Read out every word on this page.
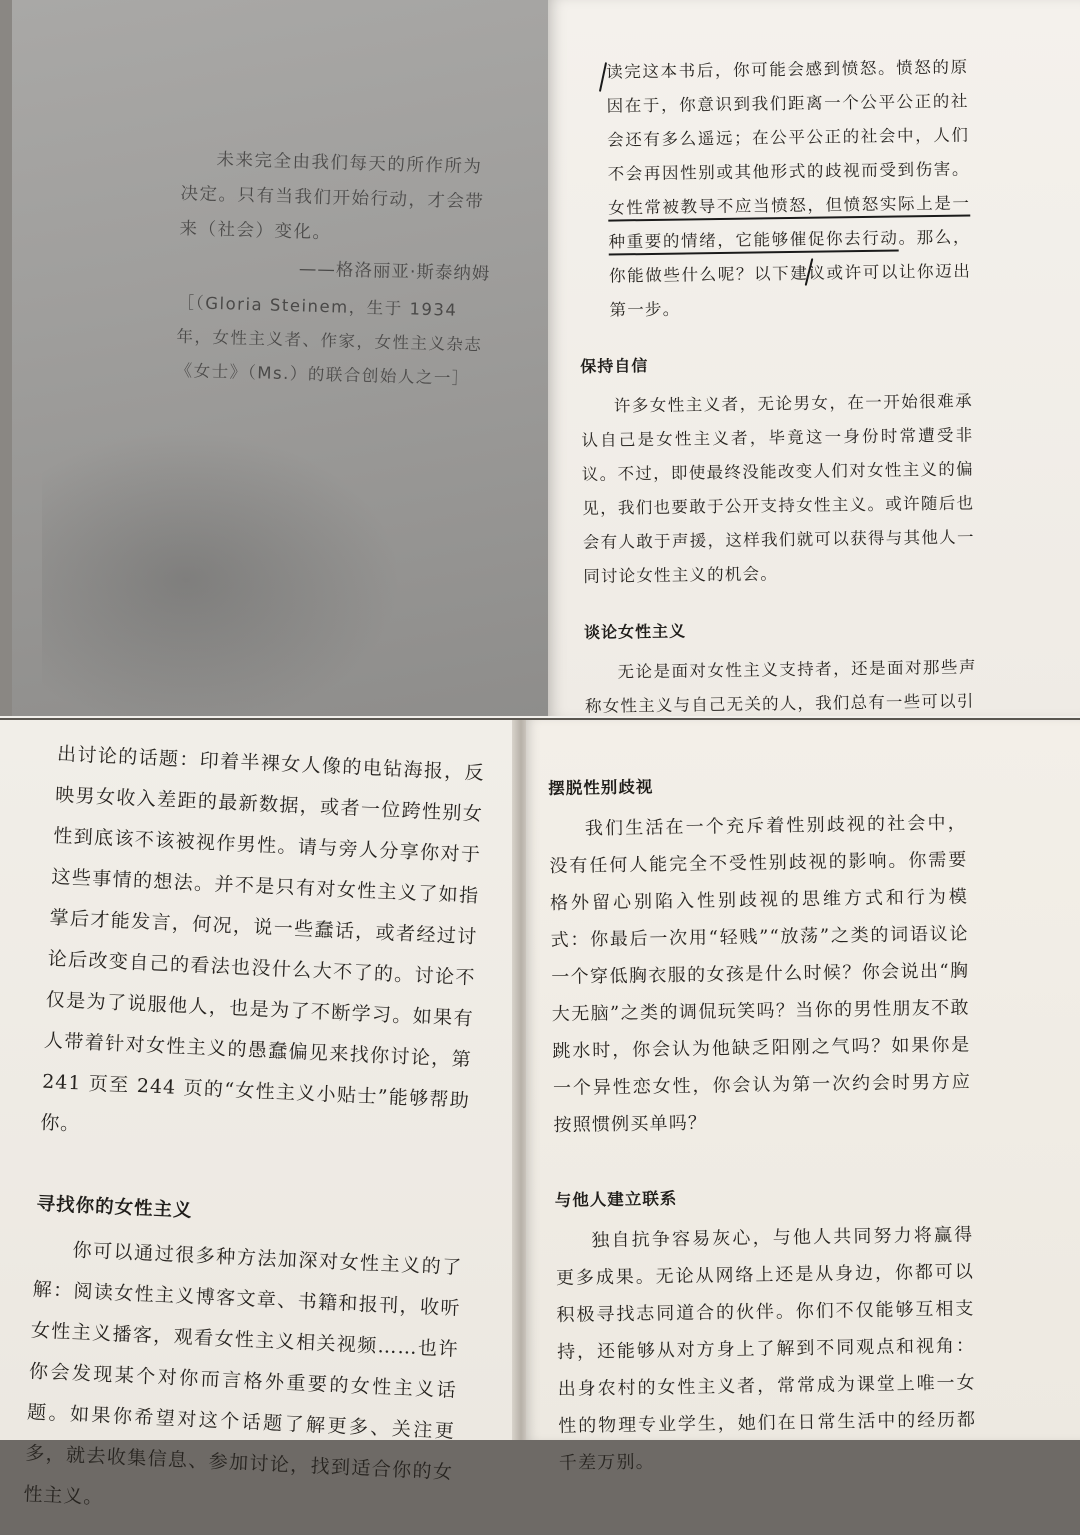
未来完全由我们每天的所作所为决定。只有当我们开始行动，才会带来（社会）变化。

——格洛丽亚·斯泰纳姆

［（Gloria Steinem，生于 1934 年，女性主义者、作家，女性主义杂志《女士》（Ms.）的联合创始人之一］

读完这本书后，你可能会感到愤怒。愤怒的原因在于，你意识到我们距离一个公平公正的社会还有多么遥远；在公平公正的社会中，人们不会再因性别或其他形式的歧视而受到伤害。女性常被教导不应当愤怒，但愤怒实际上是一种重要的情绪，它能够催促你去行动。那么，你能做些什么呢？以下建议或许可以让你迈出第一步。

保持自信

许多女性主义者，无论男女，在一开始很难承认自己是女性主义者，毕竟这一身份时常遭受非议。不过，即使最终没能改变人们对女性主义的偏见，我们也要敢于公开支持女性主义。或许随后也会有人敢于声援，这样我们就可以获得与其他人一同讨论女性主义的机会。

谈论女性主义

无论是面对女性主义支持者，还是面对那些声称女性主义与自己无关的人，我们总有一些可以引

出讨论的话题：印着半裸女人像的电钻海报，反映男女收入差距的最新数据，或者一位跨性别女性到底该不该被视作男性。请与旁人分享你对于这些事情的想法。并不是只有对女性主义了如指掌后才能发言，何况，说一些蠢话，或者经过讨论后改变自己的看法也没什么大不了的。讨论不仅是为了说服他人，也是为了不断学习。如果有人带着针对女性主义的愚蠢偏见来找你讨论，第 241 页至 244 页的“女性主义小贴士”能够帮助你。

寻找你的女性主义

你可以通过很多种方法加深对女性主义的了解：阅读女性主义博客文章、书籍和报刊，收听女性主义播客，观看女性主义相关视频……也许你会发现某个对你而言格外重要的女性主义话题。如果你希望对这个话题了解更多、关注更多，就去收集信息、参加讨论，找到适合你的女性主义。

摆脱性别歧视

我们生活在一个充斥着性别歧视的社会中，没有任何人能完全不受性别歧视的影响。你需要格外留心别陷入性别歧视的思维方式和行为模式：你最后一次用“轻贱”“放荡”之类的词语议论一个穿低胸衣服的女孩是什么时候？你会说出“胸大无脑”之类的调侃玩笑吗？当你的男性朋友不敢跳水时，你会认为他缺乏阳刚之气吗？如果你是一个异性恋女性，你会认为第一次约会时男方应按照惯例买单吗？

与他人建立联系

独自抗争容易灰心，与他人共同努力将赢得更多成果。无论从网络上还是从身边，你都可以积极寻找志同道合的伙伴。你们不仅能够互相支持，还能够从对方身上了解到不同观点和视角：出身农村的女性主义者，常常成为课堂上唯一女性的物理专业学生，她们在日常生活中的经历都千差万别。
